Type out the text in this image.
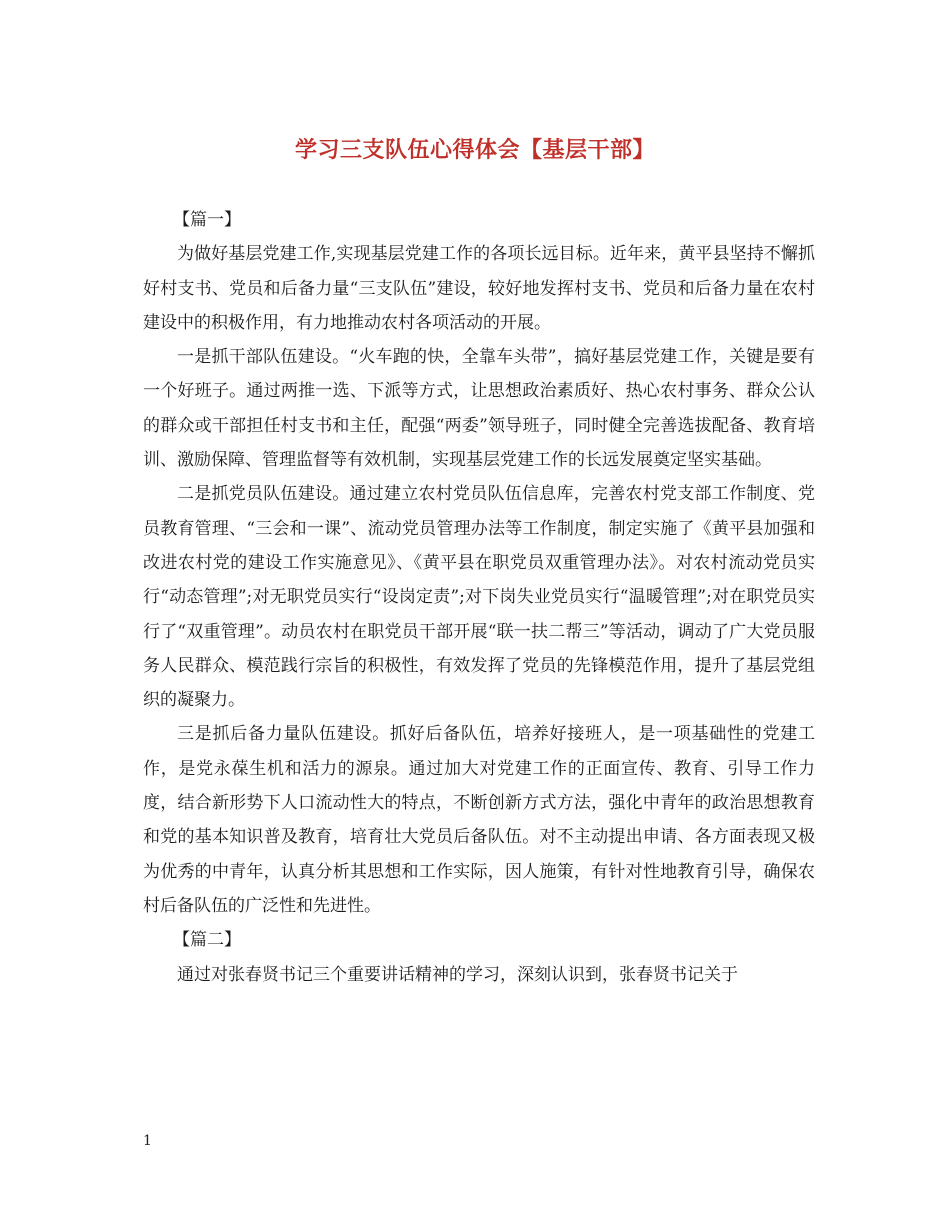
学习三支队伍心得体会【基层干部】

【篇一】

为做好基层党建工作,实现基层党建工作的各项长远目标。近年来，黄平县坚持不懈抓好村支书、党员和后备力量“三支队伍”建设，较好地发挥村支书、党员和后备力量在农村建设中的积极作用，有力地推动农村各项活动的开展。

一是抓干部队伍建设。“火车跑的快，全靠车头带”，搞好基层党建工作，关键是要有一个好班子。通过两推一选、下派等方式，让思想政治素质好、热心农村事务、群众公认的群众或干部担任村支书和主任，配强“两委”领导班子，同时健全完善选拔配备、教育培训、激励保障、管理监督等有效机制，实现基层党建工作的长远发展奠定坚实基础。

二是抓党员队伍建设。通过建立农村党员队伍信息库，完善农村党支部工作制度、党员教育管理、“三会和一课”、流动党员管理办法等工作制度，制定实施了《黄平县加强和改进农村党的建设工作实施意见》、《黄平县在职党员双重管理办法》。对农村流动党员实行“动态管理”;对无职党员实行“设岗定责”;对下岗失业党员实行“温暖管理”;对在职党员实行了“双重管理”。动员农村在职党员干部开展“联一扶二帮三”等活动，调动了广大党员服务人民群众、模范践行宗旨的积极性，有效发挥了党员的先锋模范作用，提升了基层党组织的凝聚力。

三是抓后备力量队伍建设。抓好后备队伍，培养好接班人，是一项基础性的党建工作，是党永葆生机和活力的源泉。通过加大对党建工作的正面宣传、教育、引导工作力度，结合新形势下人口流动性大的特点，不断创新方式方法，强化中青年的政治思想教育和党的基本知识普及教育，培育壮大党员后备队伍。对不主动提出申请、各方面表现又极为优秀的中青年，认真分析其思想和工作实际，因人施策，有针对性地教育引导，确保农村后备队伍的广泛性和先进性。

【篇二】

通过对张春贤书记三个重要讲话精神的学习，深刻认识到，张春贤书记关于

1
